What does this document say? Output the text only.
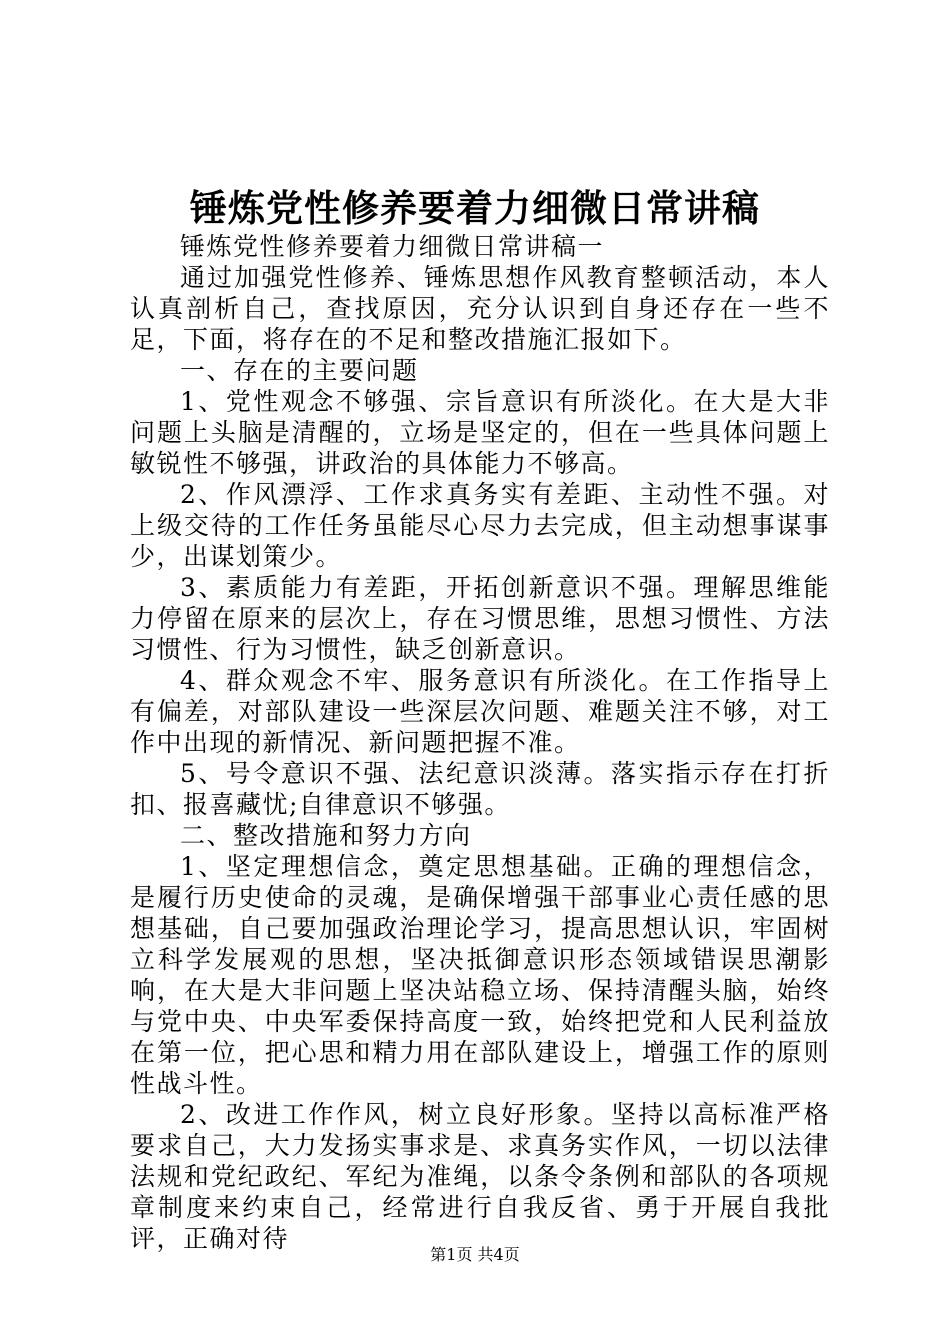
锤炼党性修养要着力细微日常讲稿

锤炼党性修养要着力细微日常讲稿一

通过加强党性修养、锤炼思想作风教育整顿活动，本人认真剖析自己，查找原因，充分认识到自身还存在一些不足，下面，将存在的不足和整改措施汇报如下。

一、存在的主要问题

1、党性观念不够强、宗旨意识有所淡化。在大是大非问题上头脑是清醒的，立场是坚定的，但在一些具体问题上敏锐性不够强，讲政治的具体能力不够高。

2、作风漂浮、工作求真务实有差距、主动性不强。对上级交待的工作任务虽能尽心尽力去完成，但主动想事谋事少，出谋划策少。

3、素质能力有差距，开拓创新意识不强。理解思维能力停留在原来的层次上，存在习惯思维，思想习惯性、方法习惯性、行为习惯性，缺乏创新意识。

4、群众观念不牢、服务意识有所淡化。在工作指导上有偏差，对部队建设一些深层次问题、难题关注不够，对工作中出现的新情况、新问题把握不准。

5、号令意识不强、法纪意识淡薄。落实指示存在打折扣、报喜藏忧;自律意识不够强。

二、整改措施和努力方向

1、坚定理想信念，奠定思想基础。正确的理想信念，是履行历史使命的灵魂，是确保增强干部事业心责任感的思想基础，自己要加强政治理论学习，提高思想认识，牢固树立科学发展观的思想，坚决抵御意识形态领域错误思潮影响，在大是大非问题上坚决站稳立场、保持清醒头脑，始终与党中央、中央军委保持高度一致，始终把党和人民利益放在第一位，把心思和精力用在部队建设上，增强工作的原则性战斗性。

2、改进工作作风，树立良好形象。坚持以高标准严格要求自己，大力发扬实事求是、求真务实作风，一切以法律法规和党纪政纪、军纪为准绳，以条令条例和部队的各项规章制度来约束自己，经常进行自我反省、勇于开展自我批评，正确对待

第1页 共4页
